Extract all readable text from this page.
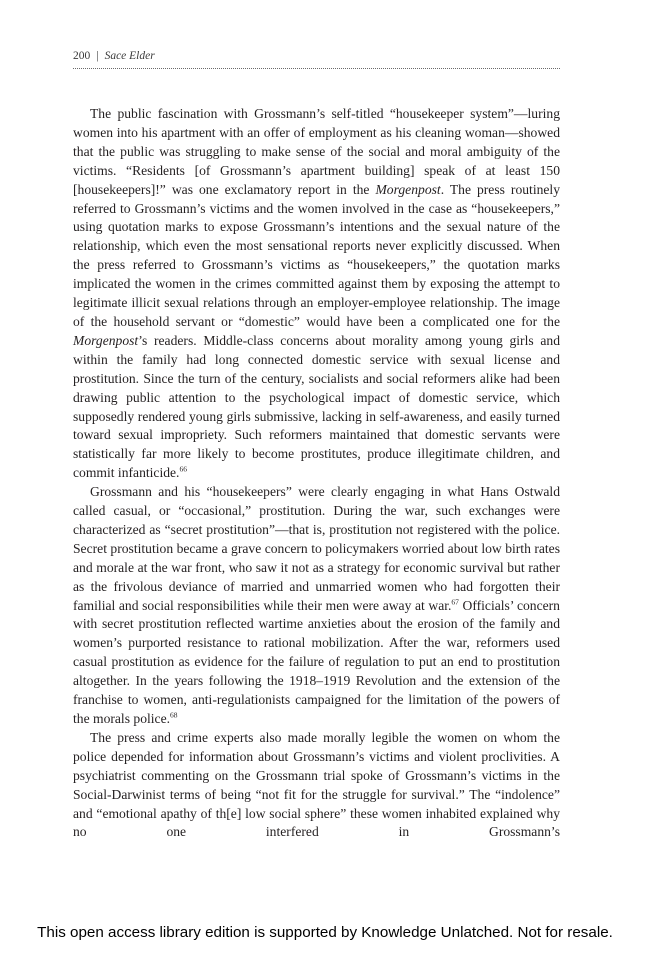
200 | Sace Elder

The public fascination with Grossmann’s self-titled “housekeeper system”—luring women into his apartment with an offer of employment as his cleaning woman—showed that the public was struggling to make sense of the social and moral ambiguity of the victims. “Residents [of Grossmann’s apartment building] speak of at least 150 [housekeepers]!” was one exclamatory report in the Morgenpost. The press routinely referred to Grossmann’s victims and the women involved in the case as “housekeepers,” using quotation marks to expose Grossmann’s intentions and the sexual nature of the relationship, which even the most sensational reports never explicitly discussed. When the press referred to Grossmann’s victims as “housekeepers,” the quotation marks implicated the women in the crimes committed against them by exposing the attempt to legitimate illicit sexual relations through an employer-employee relationship. The image of the household servant or “domestic” would have been a complicated one for the Morgenpost’s readers. Middle-class concerns about morality among young girls and within the family had long connected domestic service with sexual license and prostitution. Since the turn of the century, socialists and social reformers alike had been drawing public attention to the psychological impact of domestic service, which supposedly rendered young girls submissive, lacking in self-awareness, and easily turned toward sexual impropriety. Such reformers maintained that domestic servants were statistically far more likely to become prostitutes, produce illegitimate children, and commit infanticide.$^{66}$

Grossmann and his “housekeepers” were clearly engaging in what Hans Ostwald called casual, or “occasional,” prostitution. During the war, such exchanges were characterized as “secret prostitution”—that is, prostitution not registered with the police. Secret prostitution became a grave concern to policymakers worried about low birth rates and morale at the war front, who saw it not as a strategy for economic survival but rather as the frivolous deviance of married and unmarried women who had forgotten their familial and social responsibilities while their men were away at war.$^{67}$ Officials’ concern with secret prostitution reflected wartime anxieties about the erosion of the family and women’s purported resistance to rational mobilization. After the war, reformers used casual prostitution as evidence for the failure of regulation to put an end to prostitution altogether. In the years following the 1918–1919 Revolution and the extension of the franchise to women, anti-regulationists campaigned for the limitation of the powers of the morals police.$^{68}$

The press and crime experts also made morally legible the women on whom the police depended for information about Grossmann’s victims and violent proclivities. A psychiatrist commenting on the Grossmann trial spoke of Grossmann’s victims in the Social-Darwinist terms of being “not fit for the struggle for survival.” The “indolence” and “emotional apathy of th[e] low social sphere” these women inhabited explained why no one interfered in Grossmann’s

This open access library edition is supported by Knowledge Unlatched. Not for resale.
